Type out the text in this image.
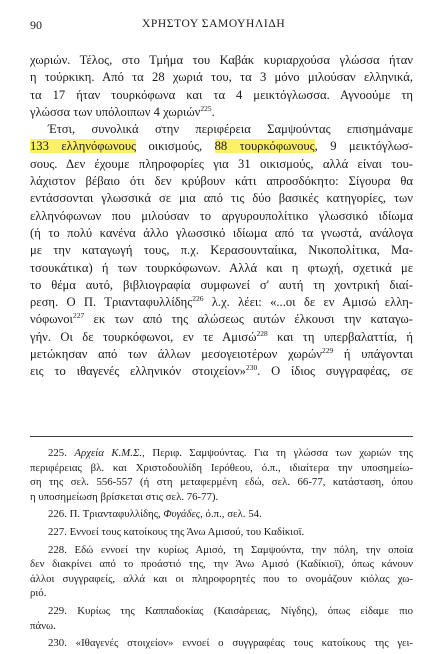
90	ΧΡΗΣΤΟΥ ΣΑΜΟΥΗΛΙΔΗ

χωριών. Τέλος, στο Τμήμα του Καβάκ κυριαρχούσα γλώσσα ήταν
η τούρκικη. Από τα 28 χωριά του, τα 3 μόνο μιλούσαν ελληνικά,
τα 17 ήταν τουρκόφωνα και τα 4 μεικτόγλωσσα. Αγνοούμε τη
γλώσσα των υπόλοιπων 4 χωριών$^{225}$.

Έτσι, συνολικά στην περιφέρεια Σαμψούντας επισημάναμε
133 ελληνόφωνους οικισμούς, 88 τουρκόφωνους, 9 μεικτόγλωσ-
σους. Δεν έχουμε πληροφορίες για 31 οικισμούς, αλλά είναι του-
λάχιστον βέβαιο ότι δεν κρύβουν κάτι απροσδόκητο: Σίγουρα θα
εντάσσονται γλωσσικά σε μια από τις δύο βασικές κατηγορίες, των
ελληνόφωνων που μιλούσαν το αργυρουπολίτικο γλωσσικό ιδίωμα
(ή το πολύ κανένα άλλο γλωσσικό ιδίωμα από τα γνωστά, ανάλογα
με την καταγωγή τους, π.χ. Κερασουνταίικα, Νικοπολίτικα, Μα-
τσουκάτικα) ή των τουρκόφωνων. Αλλά και η φτωχή, σχετικά με
το θέμα αυτό, βιβλιογραφία συμφωνεί σ' αυτή τη χοντρική διαί-
ρεση. Ο Π. Τριανταφυλλίδης$^{226}$ λ.χ. λέει: «...οι δε εν Αμισώ ελλη-
νόφωνοι$^{227}$ εκ των από της αλώσεως αυτών έλκουσι την καταγω-
γήν. Οι δε τουρκόφωνοι, εν τε Αμισώ$^{228}$ και τη υπερβαλαττία, ή
μετώκησαν από των άλλων μεσογειοτέρων χωρών$^{229}$ ή υπάγονται
εις το ιθαγενές ελληνικόν στοιχείον»$^{230}$. Ο ίδιος συγγραφέας, σε

225. Αρχεία Κ.Μ.Σ., Περιφ. Σαμψούντας. Για τη γλώσσα των χωριών της
περιφέρειας βλ. και Χριστοδουλίδη Ιερόθεου, ό.π., ιδιαίτερα την υποσημείω-
ση της σελ. 556-557 (ή στη μεταφερμένη εδώ, σελ. 66-77, κατάσταση, όπου
η υποσημείωση βρίσκεται στις σελ. 76-77).
226. Π. Τριανταφυλλίδης, Φυγάδες, ό.π., σελ. 54.
227. Εννοεί τους κατοίκους της Άνω Αμισού, του Καδίκιοϊ.
228. Εδώ εννοεί την κυρίως Αμισό, τη Σαμψούντα, την πόλη, την οποία
δεν διακρίνει από το προάστιό της, την Άνω Αμισό (Καδίκιοϊ), όπως κάνουν
άλλοι συγγραφείς, αλλά και οι πληροφορητές που το ονομάζουν κιόλας χω-
ριό.
229. Κυρίως της Καππαδοκίας (Καισάρειας, Νίγδης), όπως είδαμε πιο
πάνω.
230. «Ιθαγενές στοιχείον» εννοεί ο συγγραφέας τους κατοίκους της γει-
